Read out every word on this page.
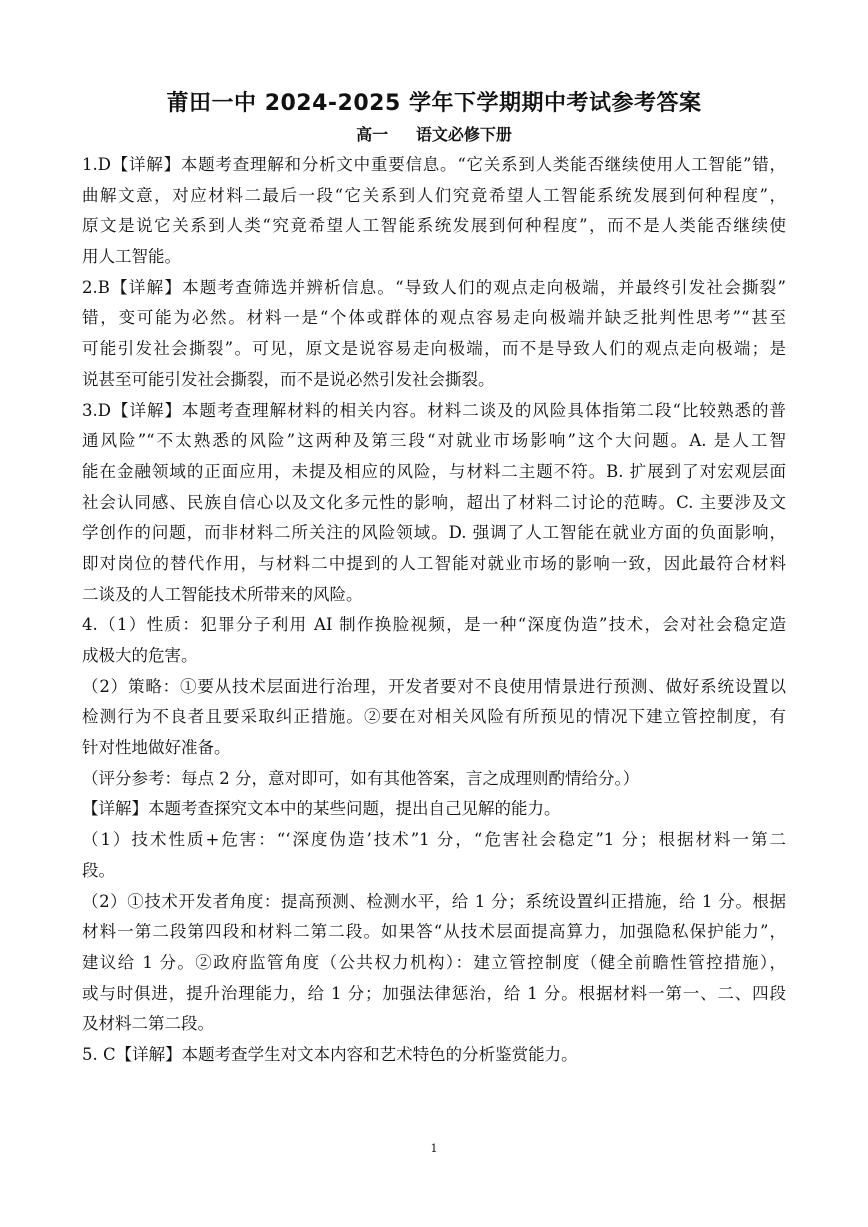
莆田一中 2024-2025 学年下学期期中考试参考答案
高一     语文必修下册
1.D【详解】本题考查理解和分析文中重要信息。“它关系到人类能否继续使用人工智能”错，
曲解文意，对应材料二最后一段“它关系到人们究竟希望人工智能系统发展到何种程度”，
原文是说它关系到人类“究竟希望人工智能系统发展到何种程度”，而不是人类能否继续使
用人工智能。
2.B【详解】本题考查筛选并辨析信息。“导致人们的观点走向极端，并最终引发社会撕裂”
错，变可能为必然。材料一是“个体或群体的观点容易走向极端并缺乏批判性思考”“甚至
可能引发社会撕裂”。可见，原文是说容易走向极端，而不是导致人们的观点走向极端；是
说甚至可能引发社会撕裂，而不是说必然引发社会撕裂。
3.D【详解】本题考查理解材料的相关内容。材料二谈及的风险具体指第二段“比较熟悉的普
通风险”“不太熟悉的风险”这两种及第三段“对就业市场影响”这个大问题。A. 是人工智
能在金融领域的正面应用，未提及相应的风险，与材料二主题不符。B. 扩展到了对宏观层面
社会认同感、民族自信心以及文化多元性的影响，超出了材料二讨论的范畴。C. 主要涉及文
学创作的问题，而非材料二所关注的风险领域。D. 强调了人工智能在就业方面的负面影响，
即对岗位的替代作用，与材料二中提到的人工智能对就业市场的影响一致，因此最符合材料
二谈及的人工智能技术所带来的风险。
4.（1）性质：犯罪分子利用 AI 制作换脸视频，是一种“深度伪造”技术，会对社会稳定造
成极大的危害。
（2）策略：①要从技术层面进行治理，开发者要对不良使用情景进行预测、做好系统设置以
检测行为不良者且要采取纠正措施。②要在对相关风险有所预见的情况下建立管控制度，有
针对性地做好准备。
（评分参考：每点 2 分，意对即可，如有其他答案，言之成理则酌情给分。）
【详解】本题考查探究文本中的某些问题，提出自己见解的能力。
（1）技术性质+危害：“‘深度伪造’技术”1 分，“危害社会稳定”1 分；根据材料一第二
段。
（2）①技术开发者角度：提高预测、检测水平，给 1 分；系统设置纠正措施，给 1 分。根据
材料一第二段第四段和材料二第二段。如果答“从技术层面提高算力，加强隐私保护能力”，
建议给 1 分。②政府监管角度（公共权力机构）：建立管控制度（健全前瞻性管控措施），
或与时俱进，提升治理能力，给 1 分；加强法律惩治，给 1 分。根据材料一第一、二、四段
及材料二第二段。
5. C【详解】本题考查学生对文本内容和艺术特色的分析鉴赏能力。
1
